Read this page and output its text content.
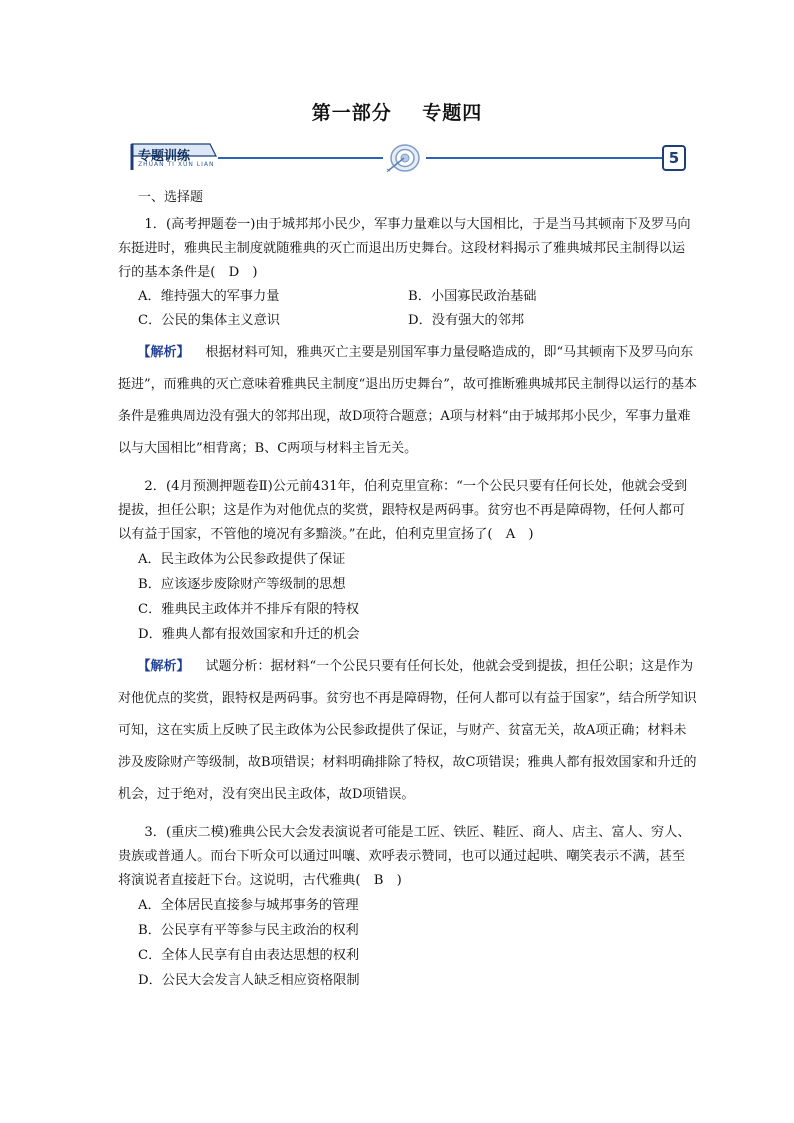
第一部分    专题四
专题训练
ZHUAN TI XUN LIAN	5
一、选择题

1．(高考押题卷一)由于城邦邦小民少，军事力量难以与大国相比，于是当马其顿南下及罗马向东挺进时，雅典民主制度就随雅典的灭亡而退出历史舞台。这段材料揭示了雅典城邦民主制得以运行的基本条件是(　D　)

A．维持强大的军事力量	B．小国寡民政治基础
C．公民的集体主义意识	D．没有强大的邻邦

【解析】 根据材料可知，雅典灭亡主要是别国军事力量侵略造成的，即“马其顿南下及罗马向东挺进”，而雅典的灭亡意味着雅典民主制度“退出历史舞台”，故可推断雅典城邦民主制得以运行的基本条件是雅典周边没有强大的邻邦出现，故D项符合题意；A项与材料“由于城邦邦小民少，军事力量难以与大国相比”相背离；B、C两项与材料主旨无关。

2．(4月预测押题卷Ⅱ)公元前431年，伯利克里宣称：“一个公民只要有任何长处，他就会受到提拔，担任公职；这是作为对他优点的奖赏，跟特权是两码事。贫穷也不再是障碍物，任何人都可以有益于国家，不管他的境况有多黯淡。”在此，伯利克里宣扬了(　A　)

A．民主政体为公民参政提供了保证
B．应该逐步废除财产等级制的思想
C．雅典民主政体并不排斥有限的特权
D．雅典人都有报效国家和升迁的机会

【解析】 试题分析：据材料“一个公民只要有任何长处，他就会受到提拔，担任公职；这是作为对他优点的奖赏，跟特权是两码事。贫穷也不再是障碍物，任何人都可以有益于国家”，结合所学知识可知，这在实质上反映了民主政体为公民参政提供了保证，与财产、贫富无关，故A项正确；材料未涉及废除财产等级制，故B项错误；材料明确排除了特权，故C项错误；雅典人都有报效国家和升迁的机会，过于绝对，没有突出民主政体，故D项错误。

3．(重庆二模)雅典公民大会发表演说者可能是工匠、铁匠、鞋匠、商人、店主、富人、穷人、贵族或普通人。而台下听众可以通过叫嚷、欢呼表示赞同，也可以通过起哄、嘲笑表示不满，甚至将演说者直接赶下台。这说明，古代雅典(　B　)

A．全体居民直接参与城邦事务的管理
B．公民享有平等参与民主政治的权利
C．全体人民享有自由表达思想的权利
D．公民大会发言人缺乏相应资格限制
